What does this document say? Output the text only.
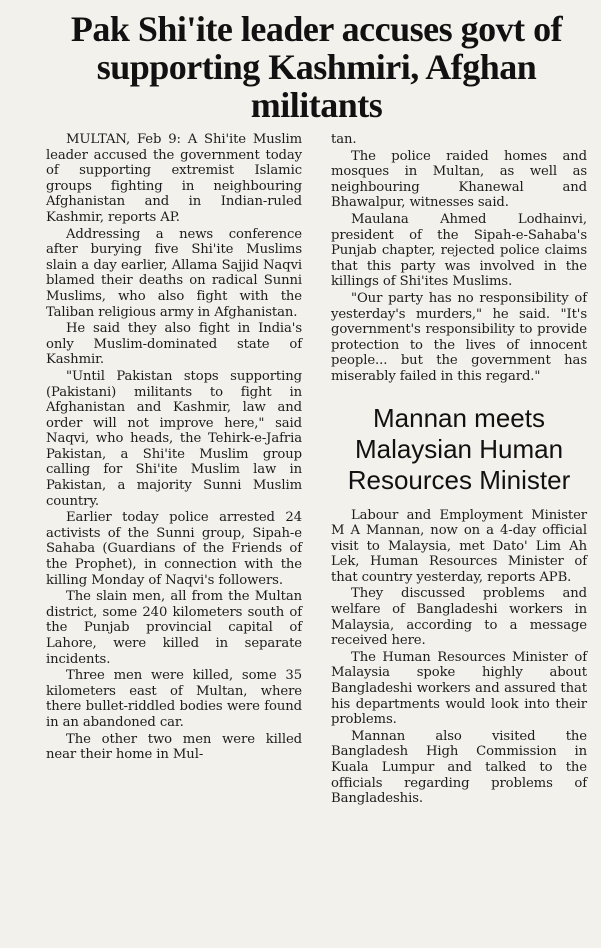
Pak Shi'ite leader accuses govt of supporting Kashmiri, Afghan militants

MULTAN, Feb 9: A Shi'ite Muslim leader accused the government today of supporting extremist Islamic groups fighting in neighbouring Afghanistan and in Indian-ruled Kashmir, reports AP.

Addressing a news conference after burying five Shi'ite Muslims slain a day earlier, Allama Sajjid Naqvi blamed their deaths on radical Sunni Muslims, who also fight with the Taliban religious army in Afghanistan.

He said they also fight in India's only Muslim-dominated state of Kashmir.

"Until Pakistan stops supporting (Pakistani) militants to fight in Afghanistan and Kashmir, law and order will not improve here," said Naqvi, who heads, the Tehirk-e-Jafria Pakistan, a Shi'ite Muslim group calling for Shi'ite Muslim law in Pakistan, a majority Sunni Muslim country.

Earlier today police arrested 24 activists of the Sunni group, Sipah-e Sahaba (Guardians of the Friends of the Prophet), in connection with the killing Monday of Naqvi's followers.

The slain men, all from the Multan district, some 240 kilometers south of the Punjab provincial capital of Lahore, were killed in separate incidents.

Three men were killed, some 35 kilometers east of Multan, where there bullet-riddled bodies were found in an abandoned car.

The other two men were killed near their home in Mul-

tan.

The police raided homes and mosques in Multan, as well as neighbouring Khanewal and Bhawalpur, witnesses said.

Maulana Ahmed Lodhainvi, president of the Sipah-e-Sahaba's Punjab chapter, rejected police claims that this party was involved in the killings of Shi'ites Muslims.

"Our party has no responsibility of yesterday's murders," he said. "It's government's responsibility to provide protection to the lives of innocent people... but the government has miserably failed in this regard."

Mannan meets Malaysian Human Resources Minister

Labour and Employment Minister M A Mannan, now on a 4-day official visit to Malaysia, met Dato' Lim Ah Lek, Human Resources Minister of that country yesterday, reports APB.

They discussed problems and welfare of Bangladeshi workers in Malaysia, according to a message received here.

The Human Resources Minister of Malaysia spoke highly about Bangladeshi workers and assured that his departments would look into their problems.

Mannan also visited the Bangladesh High Commission in Kuala Lumpur and talked to the officials regarding problems of Bangladeshis.
